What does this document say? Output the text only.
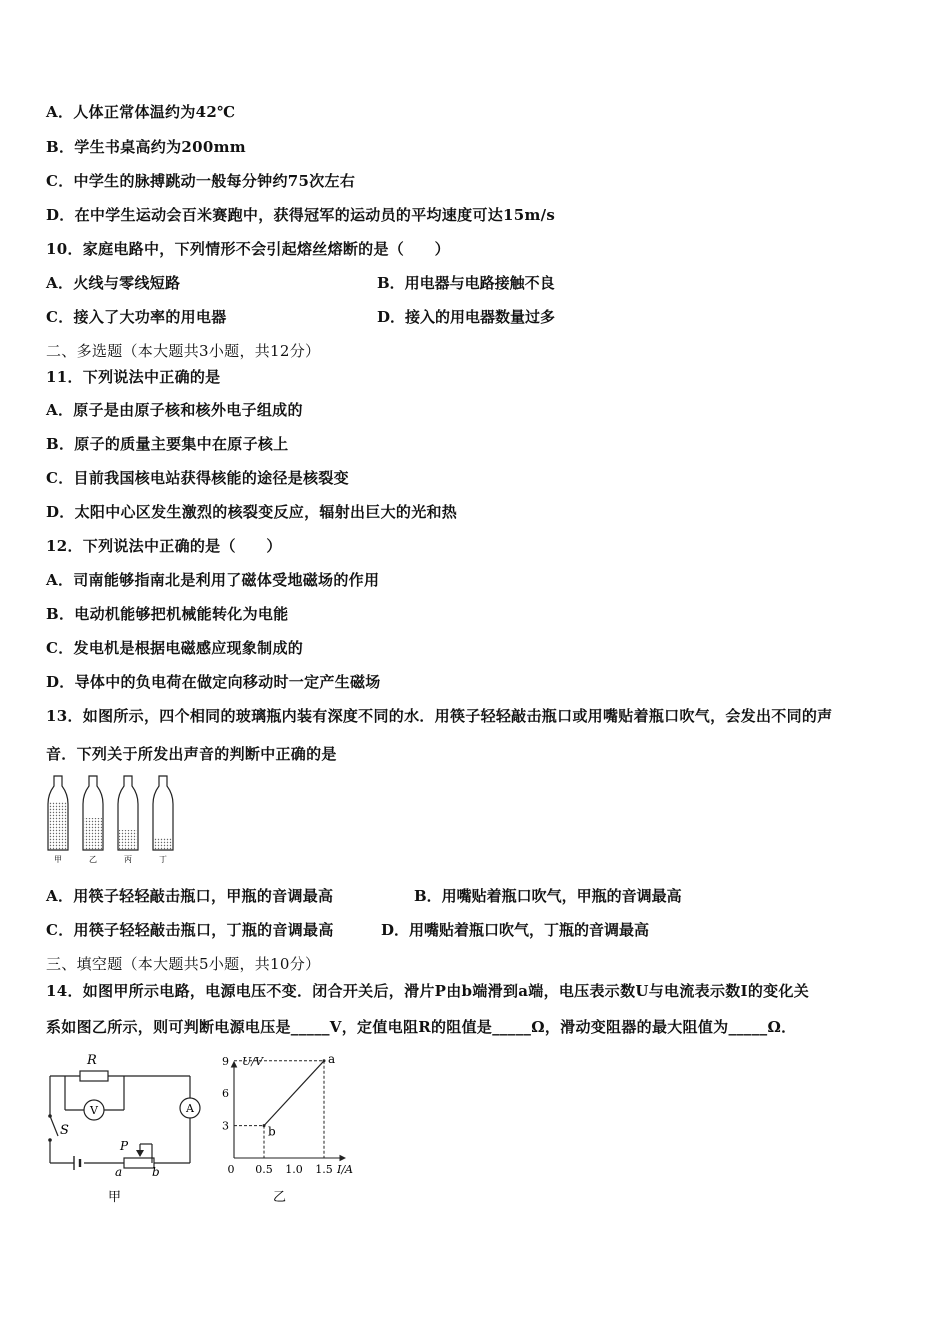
A．人体正常体温约为42℃
B．学生书桌高约为200mm
C．中学生的脉搏跳动一般每分钟约75次左右
D．在中学生运动会百米赛跑中，获得冠军的运动员的平均速度可达15m/s
10．家庭电路中，下列情形不会引起熔丝熔断的是（　　）
A．火线与零线短路	B．用电器与电路接触不良
C．接入了大功率的用电器	D．接入的用电器数量过多
二、多选题（本大题共3小题，共12分）
11．下列说法中正确的是
A．原子是由原子核和核外电子组成的
B．原子的质量主要集中在原子核上
C．目前我国核电站获得核能的途径是核裂变
D．太阳中心区发生激烈的核裂变反应，辐射出巨大的光和热
12．下列说法中正确的是（　　）
A．司南能够指南北是利用了磁体受地磁场的作用
B．电动机能够把机械能转化为电能
C．发电机是根据电磁感应现象制成的
D．导体中的负电荷在做定向移动时一定产生磁场
13．如图所示，四个相同的玻璃瓶内装有深度不同的水．用筷子轻轻敲击瓶口或用嘴贴着瓶口吹气，会发出不同的声
音．下列关于所发出声音的判断中正确的是
甲	乙	丙	丁
A．用筷子轻轻敲击瓶口，甲瓶的音调最高	B．用嘴贴着瓶口吹气，甲瓶的音调最高
C．用筷子轻轻敲击瓶口，丁瓶的音调最高	D．用嘴贴着瓶口吹气，丁瓶的音调最高
三、填空题（本大题共5小题，共10分）
14．如图甲所示电路，电源电压不变．闭合开关后，滑片P由b端滑到a端，电压表示数U与电流表示数I的变化关
系如图乙所示，则可判断电源电压是_____V，定值电阻R的阻值是_____Ω，滑动变阻器的最大阻值为_____Ω．
R
V	A
S
P
a b
甲
U/V
I/A
0
3
6
9
0.5 1.0 1.5
b
a
乙
